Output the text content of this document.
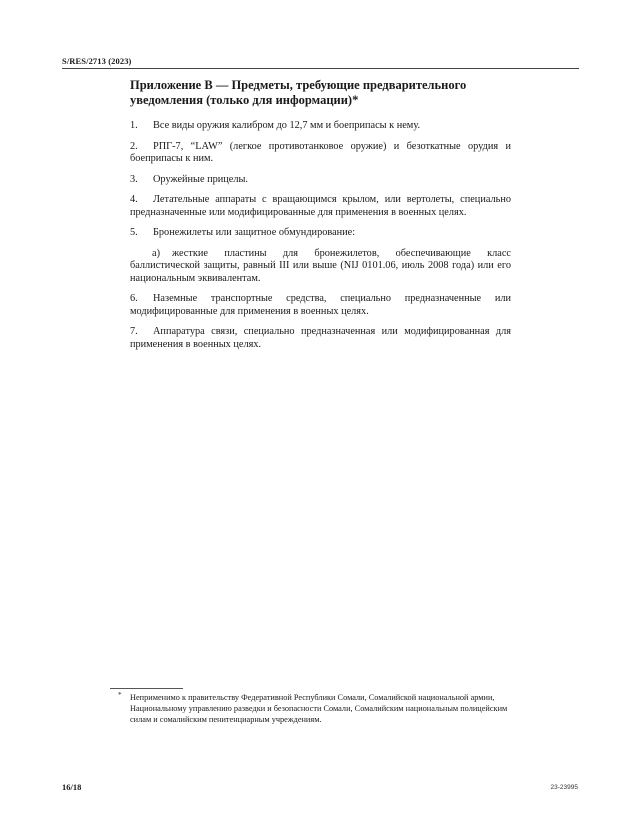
S/RES/2713 (2023)
Приложение B — Предметы, требующие предварительного уведомления (только для информации)*

1. Все виды оружия калибром до 12,7 мм и боеприпасы к нему.

2. РПГ-7, “LAW” (легкое противотанковое оружие) и безоткатные орудия и боеприпасы к ним.

3. Оружейные прицелы.

4. Летательные аппараты с вращающимся крылом, или вертолеты, специально предназначенные или модифицированные для применения в военных целях.

5. Бронежилеты или защитное обмундирование:

a) жесткие пластины для бронежилетов, обеспечивающие класс баллистической защиты, равный III или выше (NIJ 0101.06, июль 2008 года) или его национальным эквивалентам.

6. Наземные транспортные средства, специально предназначенные или модифицированные для применения в военных целях.

7. Аппаратура связи, специально предназначенная или модифицированная для применения в военных целях.

* Неприменимо к правительству Федеративной Республики Сомали, Сомалийской национальной армии, Национальному управлению разведки и безопасности Сомали, Сомалийским национальным полицейским силам и сомалийским пенитенциарным учреждениям.
16/18	23-23995
